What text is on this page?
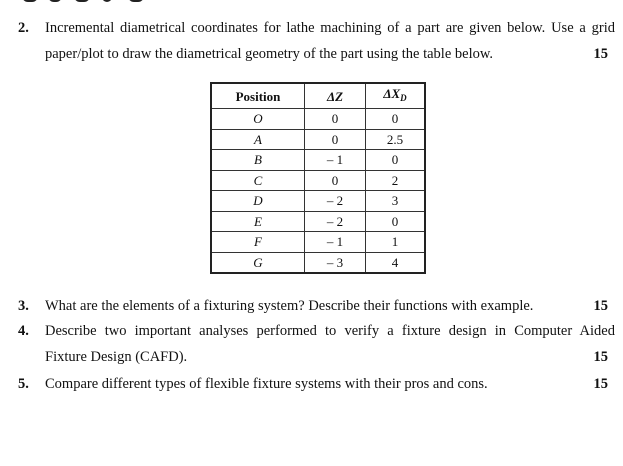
2. Incremental diametrical coordinates for lathe machining of a part are given below. Use a grid
paper/plot to draw the diametrical geometry of the part using the table below.	15
Position	ΔZ	$\Delta X_D$
O	0	0
A	0	2.5
B	– 1	0
C	0	2
D	– 2	3
E	– 2	0
F	– 1	1
G	– 3	4
3. What are the elements of a fixturing system? Describe their functions with example.	15
4. Describe two important analyses performed to verify a fixture design in Computer Aided
Fixture Design (CAFD).	15
5. Compare different types of flexible fixture systems with their pros and cons.	15
